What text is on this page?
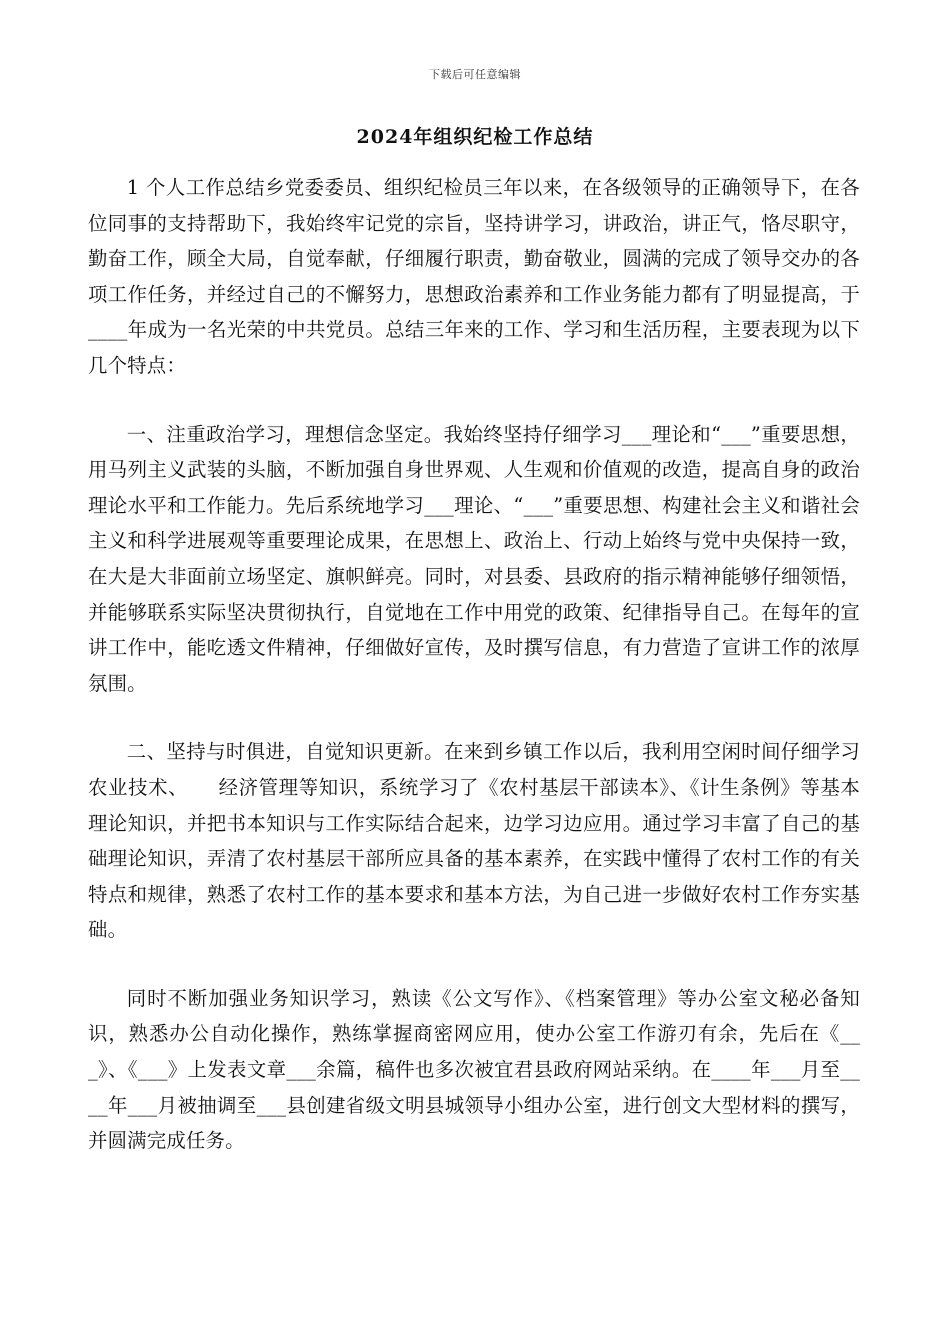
下载后可任意编辑
2024年组织纪检工作总结

1 个人工作总结乡党委委员、组织纪检员三年以来，在各级领导的正确领导下，在各位同事的支持帮助下，我始终牢记党的宗旨，坚持讲学习，讲政治，讲正气，恪尽职守，勤奋工作，顾全大局，自觉奉献，仔细履行职责，勤奋敬业，圆满的完成了领导交办的各项工作任务，并经过自己的不懈努力，思想政治素养和工作业务能力都有了明显提高，于____年成为一名光荣的中共党员。总结三年来的工作、学习和生活历程，主要表现为以下几个特点：

一、注重政治学习，理想信念坚定。我始终坚持仔细学习___理论和“___”重要思想，用马列主义武装的头脑，不断加强自身世界观、人生观和价值观的改造，提高自身的政治理论水平和工作能力。先后系统地学习___理论、“___”重要思想、构建社会主义和谐社会主义和科学进展观等重要理论成果，在思想上、政治上、行动上始终与党中央保持一致，在大是大非面前立场坚定、旗帜鲜亮。同时，对县委、县政府的指示精神能够仔细领悟，并能够联系实际坚决贯彻执行，自觉地在工作中用党的政策、纪律指导自己。在每年的宣讲工作中，能吃透文件精神，仔细做好宣传，及时撰写信息，有力营造了宣讲工作的浓厚氛围。

二、坚持与时俱进，自觉知识更新。在来到乡镇工作以后，我利用空闲时间仔细学习农业技术、　　经济管理等知识，系统学习了《农村基层干部读本》、《计生条例》等基本理论知识，并把书本知识与工作实际结合起来，边学习边应用。通过学习丰富了自己的基础理论知识，弄清了农村基层干部所应具备的基本素养，在实践中懂得了农村工作的有关特点和规律，熟悉了农村工作的基本要求和基本方法，为自己进一步做好农村工作夯实基础。

同时不断加强业务知识学习，熟读《公文写作》、《档案管理》等办公室文秘必备知识，熟悉办公自动化操作，熟练掌握商密网应用，使办公室工作游刃有余，先后在《___》、《___》上发表文章___余篇，稿件也多次被宜君县政府网站采纳。在____年___月至____年___月被抽调至___县创建省级文明县城领导小组办公室，进行创文大型材料的撰写，并圆满完成任务。
